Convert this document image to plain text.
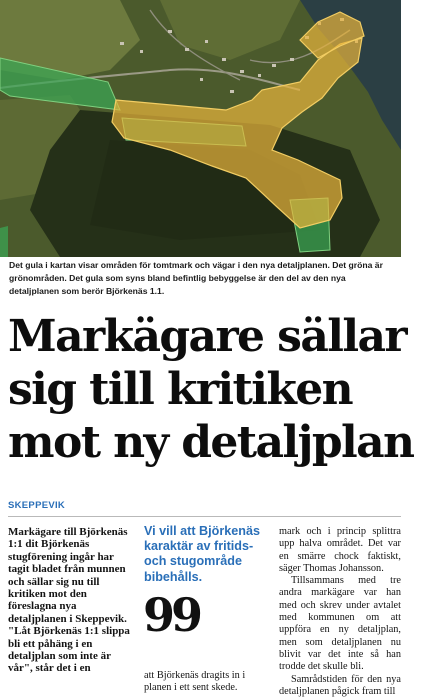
Det gula i kartan visar områden för tomtmark och vägar i den nya detaljplanen. Det gröna är grönområden. Det gula som syns bland befintlig bebyggelse är den del av den nya detaljplanen som berör Björkenäs 1.1.
Markägare sällar sig till kritiken mot ny detaljplan
SKEPPEVIK

Markägare till Björkenäs 1:1 dit Björkenäs stugförening ingår har tagit bladet från munnen och sällar sig nu till kritiken mot den föreslagna nya detaljplanen i Skeppevik. "Låt Björkenäs 1:1 slippa bli ett påhäng i en detaljplan som inte är vår", står det i en

Vi vill att Björkenäs karaktär av fritids- och stugområde bibehålls.
99

att Björkenäs dragits in i planen i ett sent skede.

mark och i princip splittra upp halva området. Det var en smärre chock faktiskt, säger Thomas Johansson.

Tillsammans med tre andra markägare var han med och skrev under avtalet med kommunen om att uppföra en ny detaljplan, men som detaljplanen nu blivit var det inte så han trodde det skulle bli.

Samrådstiden för den nya detaljplanen pågick fram till
